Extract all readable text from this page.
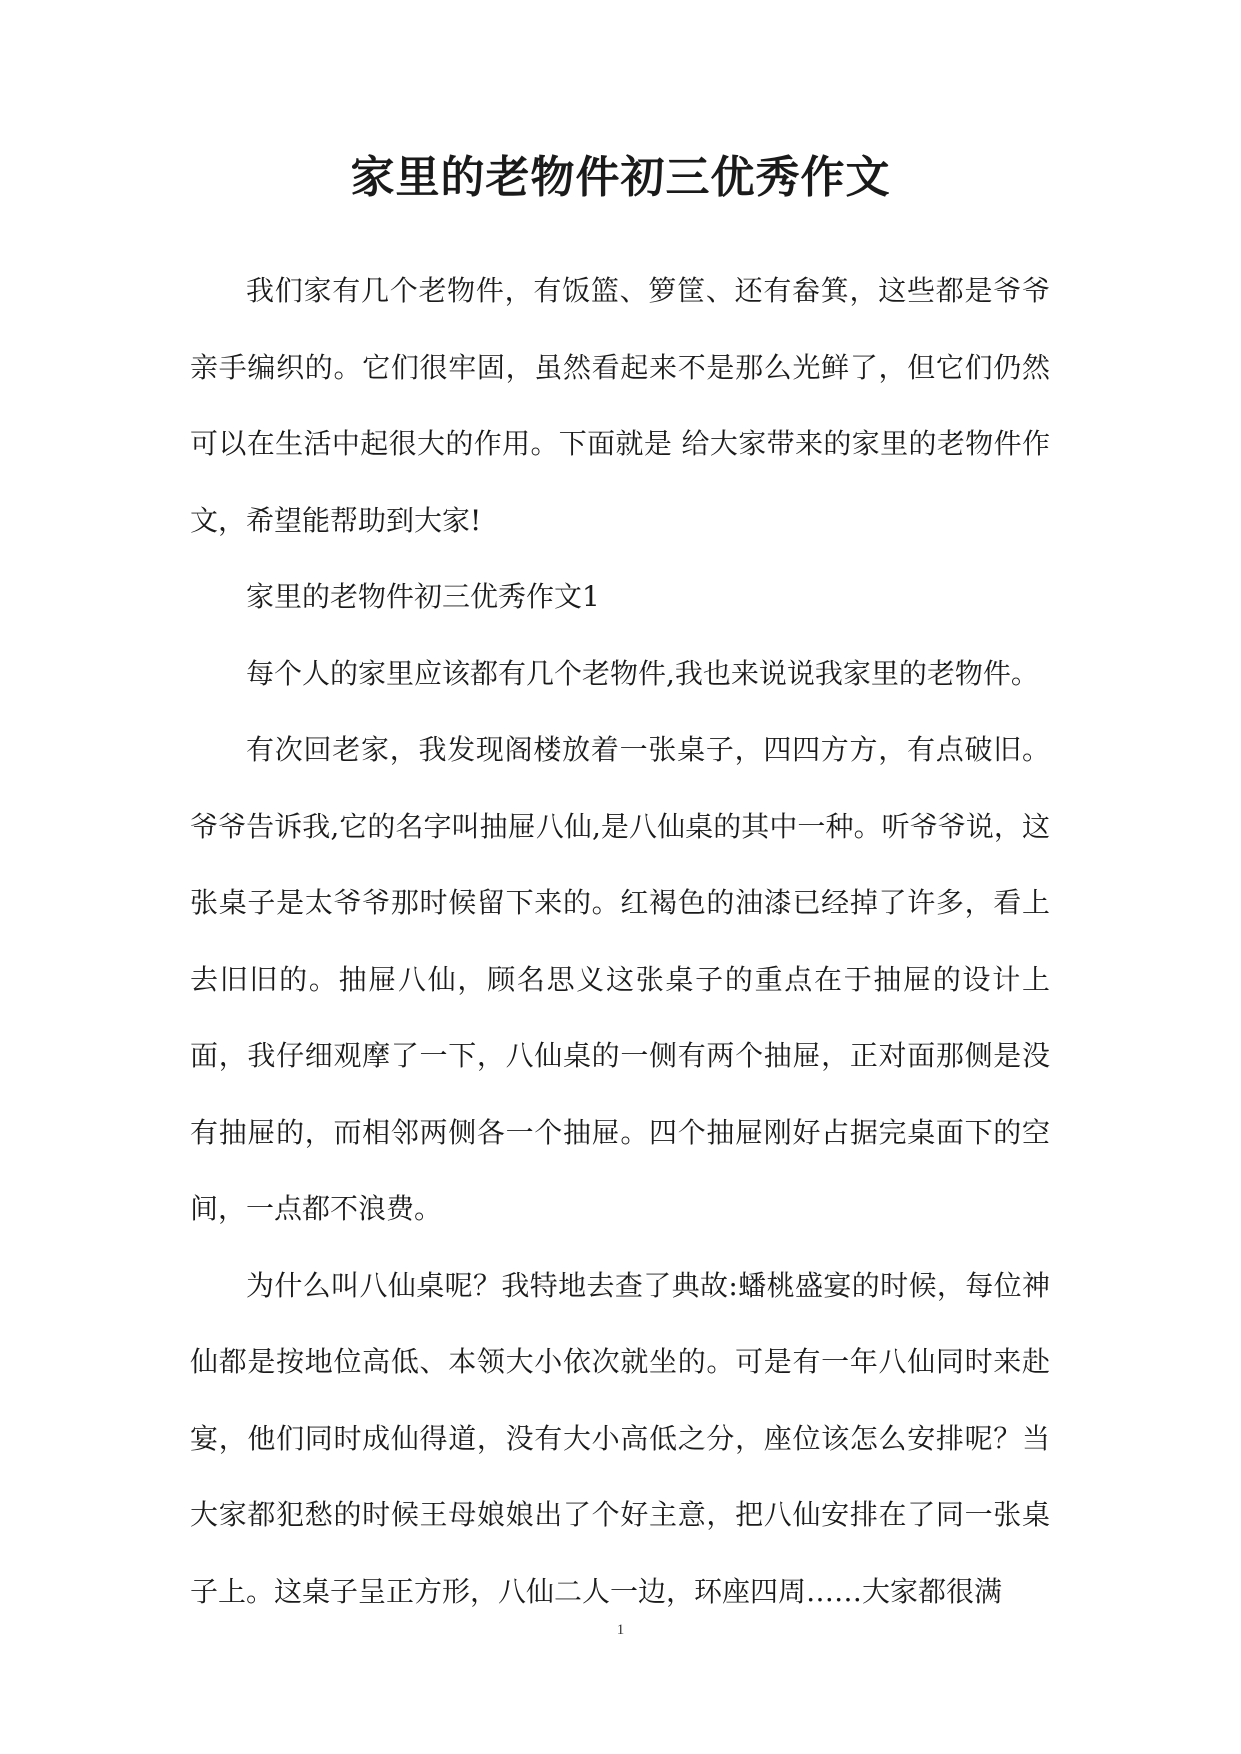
家里的老物件初三优秀作文

我们家有几个老物件，有饭篮、箩筐、还有畚箕，这些都是爷爷亲手编织的。它们很牢固，虽然看起来不是那么光鲜了，但它们仍然可以在生活中起很大的作用。下面就是 给大家带来的家里的老物件作文，希望能帮助到大家!

家里的老物件初三优秀作文1

每个人的家里应该都有几个老物件,我也来说说我家里的老物件。

有次回老家，我发现阁楼放着一张桌子，四四方方，有点破旧。爷爷告诉我,它的名字叫抽屉八仙,是八仙桌的其中一种。听爷爷说，这张桌子是太爷爷那时候留下来的。红褐色的油漆已经掉了许多，看上去旧旧的。抽屉八仙，顾名思义这张桌子的重点在于抽屉的设计上面，我仔细观摩了一下，八仙桌的一侧有两个抽屉，正对面那侧是没有抽屉的，而相邻两侧各一个抽屉。四个抽屉刚好占据完桌面下的空间，一点都不浪费。

为什么叫八仙桌呢？我特地去查了典故:蟠桃盛宴的时候，每位神仙都是按地位高低、本领大小依次就坐的。可是有一年八仙同时来赴宴，他们同时成仙得道，没有大小高低之分，座位该怎么安排呢？当大家都犯愁的时候王母娘娘出了个好主意，把八仙安排在了同一张桌子上。这桌子呈正方形，八仙二人一边，环座四周……大家都很满

1
